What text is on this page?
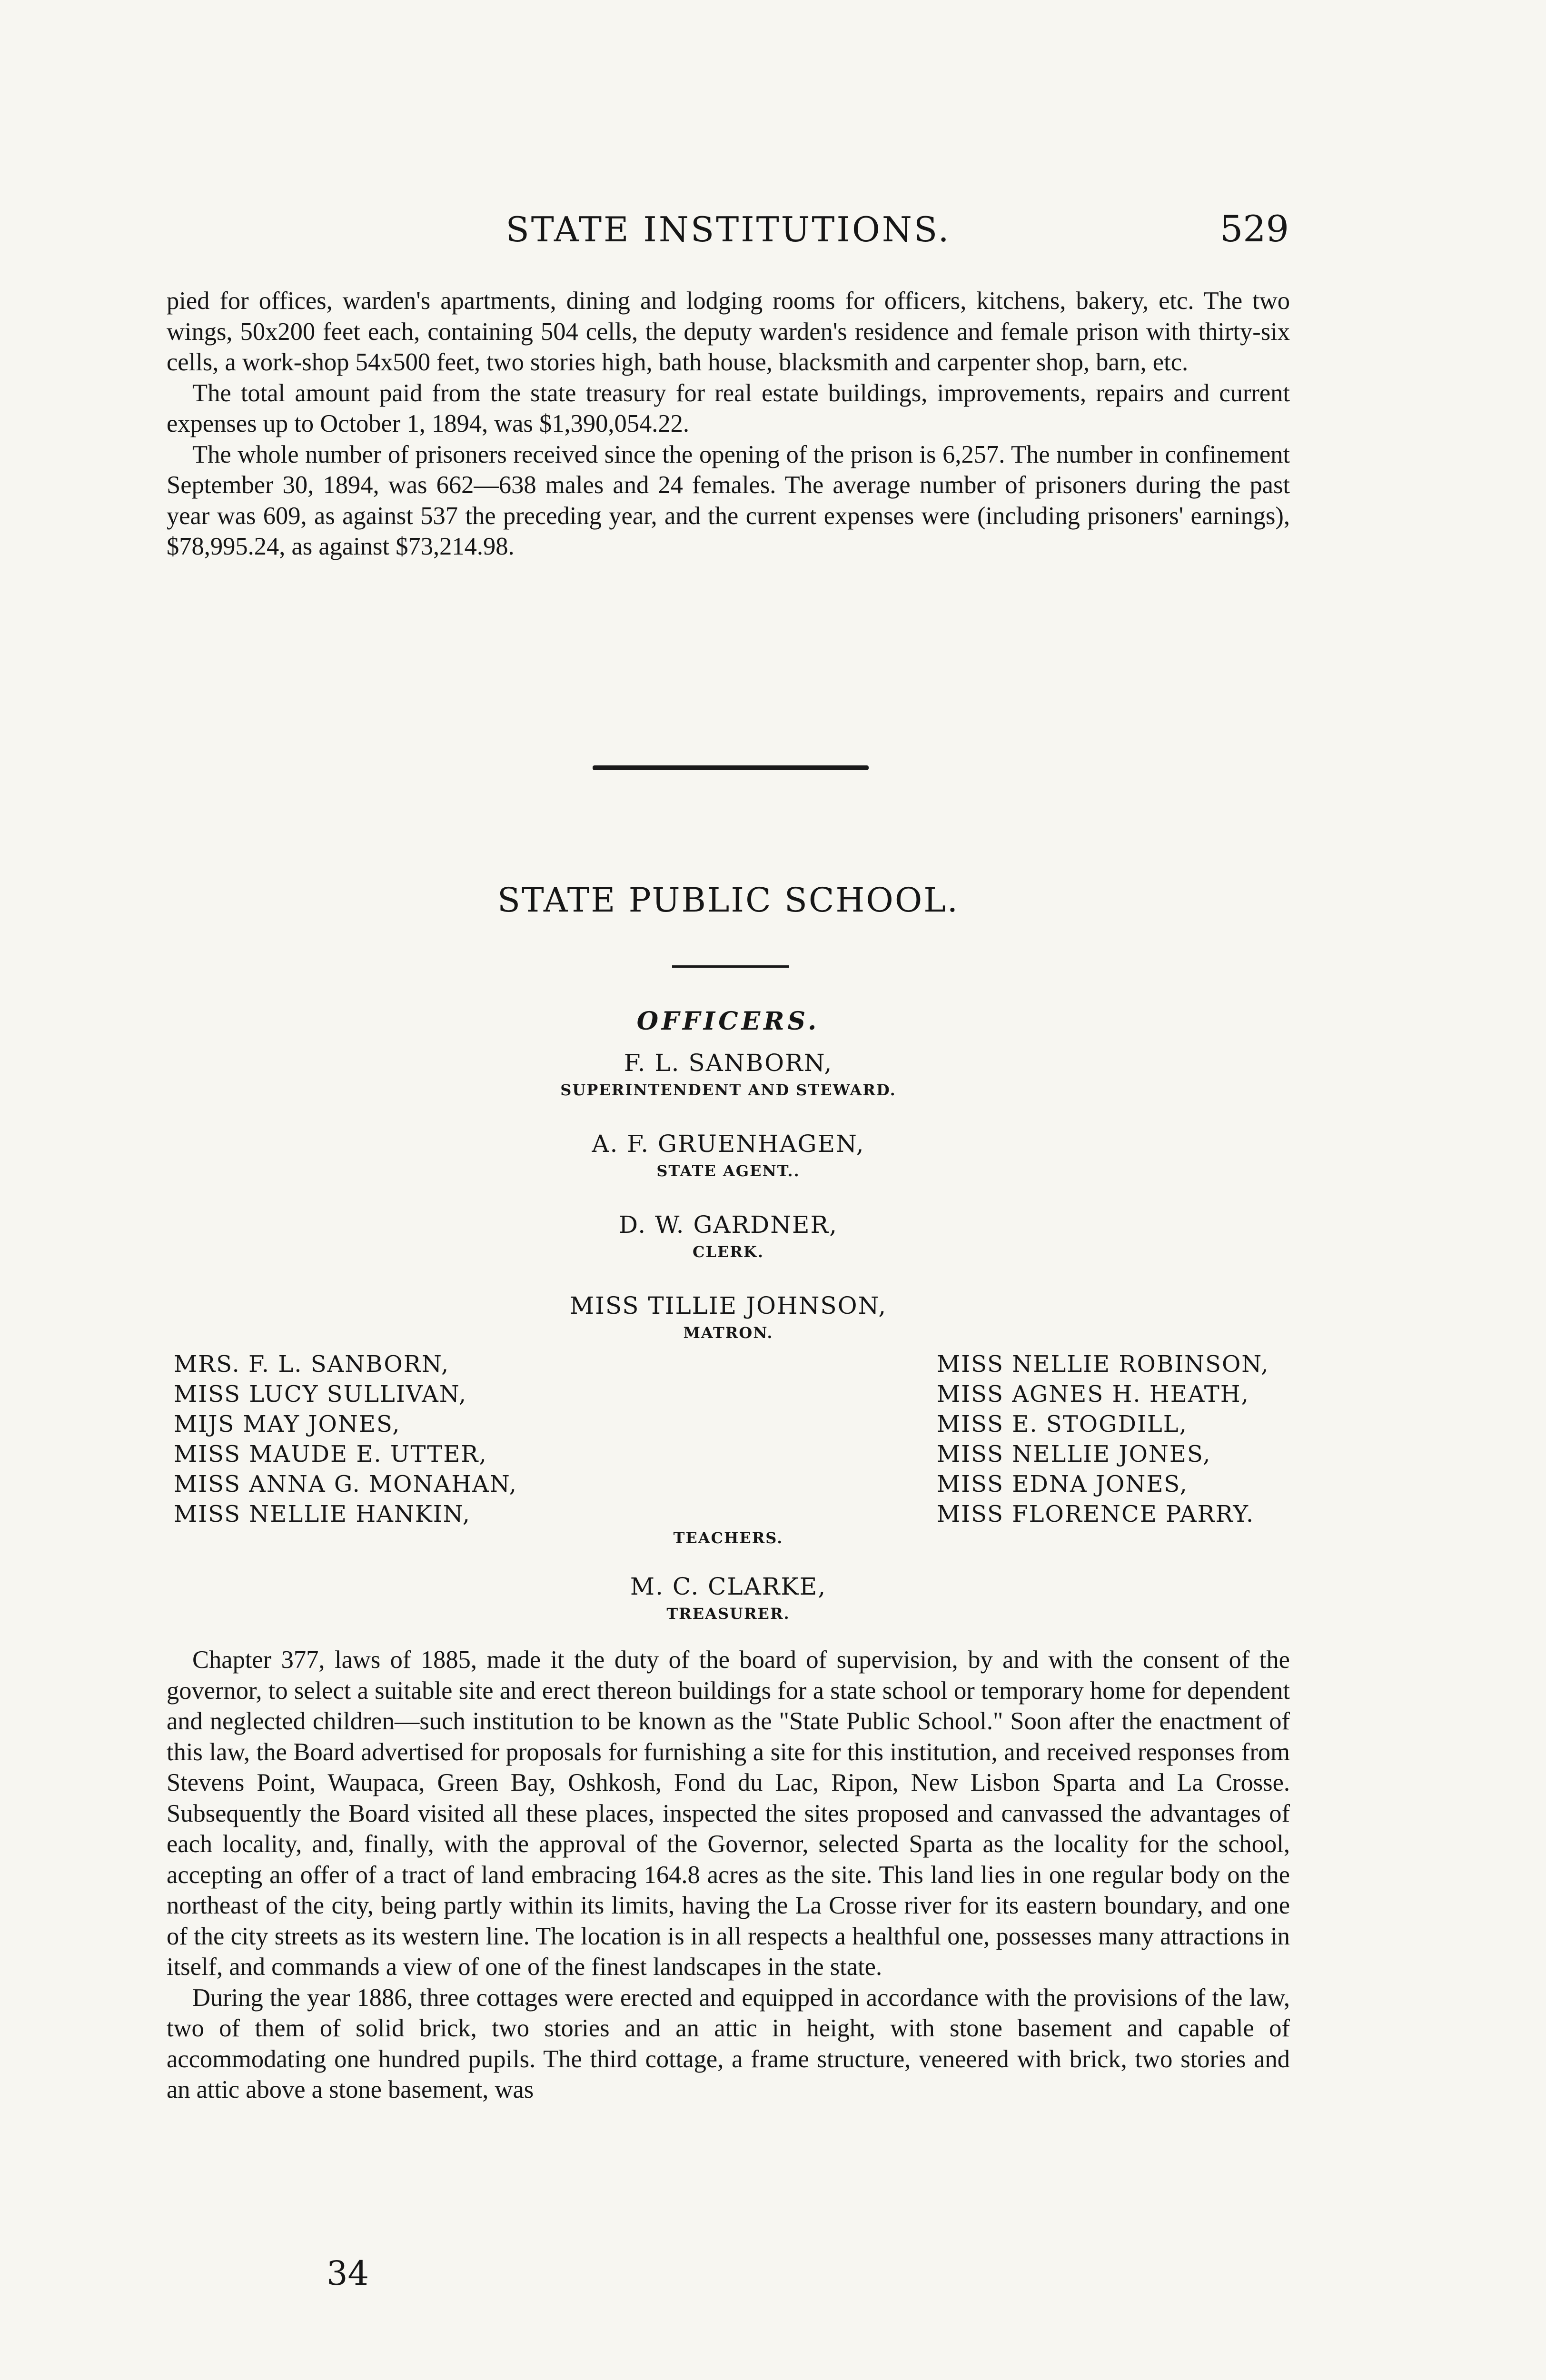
STATE INSTITUTIONS.	529

pied for offices, warden's apartments, dining and lodging rooms for officers, kitchens, bakery, etc. The two wings, 50x200 feet each, containing 504 cells, the deputy warden's residence and female prison with thirty-six cells, a work-shop 54x500 feet, two stories high, bath house, blacksmith and carpenter shop, barn, etc.

The total amount paid from the state treasury for real estate buildings, improvements, repairs and current expenses up to October 1, 1894, was $1,390,054.22.

The whole number of prisoners received since the opening of the prison is 6,257. The number in confinement September 30, 1894, was 662—638 males and 24 females. The average number of prisoners during the past year was 609, as against 537 the preceding year, and the current expenses were (including prisoners' earnings), $78,995.24, as against $73,214.98.

STATE PUBLIC SCHOOL.
OFFICERS.
F. L. SANBORN,
SUPERINTENDENT AND STEWARD.
A. F. GRUENHAGEN,
STATE AGENT..
D. W. GARDNER,
CLERK.
MISS TILLIE JOHNSON,
MATRON.
MRS. F. L. SANBORN,
MISS LUCY SULLIVAN,
MIJS MAY JONES,
MISS MAUDE E. UTTER,
MISS ANNA G. MONAHAN,
MISS NELLIE HANKIN,
MISS NELLIE ROBINSON,
MISS AGNES H. HEATH,
MISS E. STOGDILL,
MISS NELLIE JONES,
MISS EDNA JONES,
MISS FLORENCE PARRY.
TEACHERS.
M. C. CLARKE,
TREASURER.

Chapter 377, laws of 1885, made it the duty of the board of supervision, by and with the consent of the governor, to select a suitable site and erect thereon buildings for a state school or temporary home for dependent and neglected children—such institution to be known as the "State Public School." Soon after the enactment of this law, the Board advertised for proposals for furnishing a site for this institution, and received responses from Stevens Point, Waupaca, Green Bay, Oshkosh, Fond du Lac, Ripon, New Lisbon Sparta and La Crosse. Subsequently the Board visited all these places, inspected the sites proposed and canvassed the advantages of each locality, and, finally, with the approval of the Governor, selected Sparta as the locality for the school, accepting an offer of a tract of land embracing 164.8 acres as the site. This land lies in one regular body on the northeast of the city, being partly within its limits, having the La Crosse river for its eastern boundary, and one of the city streets as its western line. The location is in all respects a healthful one, possesses many attractions in itself, and commands a view of one of the finest landscapes in the state.

During the year 1886, three cottages were erected and equipped in accordance with the provisions of the law, two of them of solid brick, two stories and an attic in height, with stone basement and capable of accommodating one hundred pupils. The third cottage, a frame structure, veneered with brick, two stories and an attic above a stone basement, was

34
